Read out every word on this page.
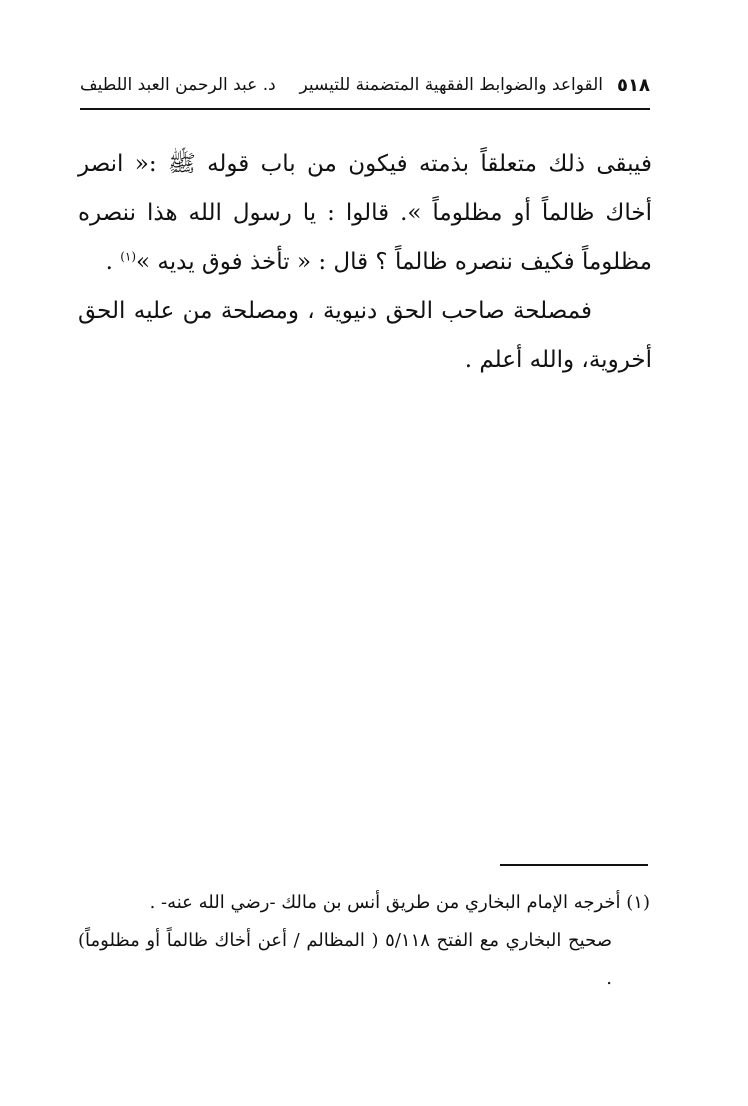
٥١٨
القواعد والضوابط الفقهية المتضمنة للتيسير
د. عبد الرحمن العبد اللطيف

فيبقى ذلك متعلقاً بذمته فيكون من باب قوله ﷺ :« انصر أخاك ظالماً أو مظلوماً ». قالوا : يا رسول الله هذا ننصره مظلوماً فكيف ننصره ظالماً ؟ قال : « تأخذ فوق يديه »$^{(١)}$ .

فمصلحة صاحب الحق دنيوية ، ومصلحة من عليه الحق أخروية، والله أعلم .

(١) أخرجه الإمام البخاري من طريق أنس بن مالك -رضي الله عنه- .

صحيح البخاري مع الفتح ٥/١١٨ ( المظالم / أعن أخاك ظالماً أو مظلوماً) .
